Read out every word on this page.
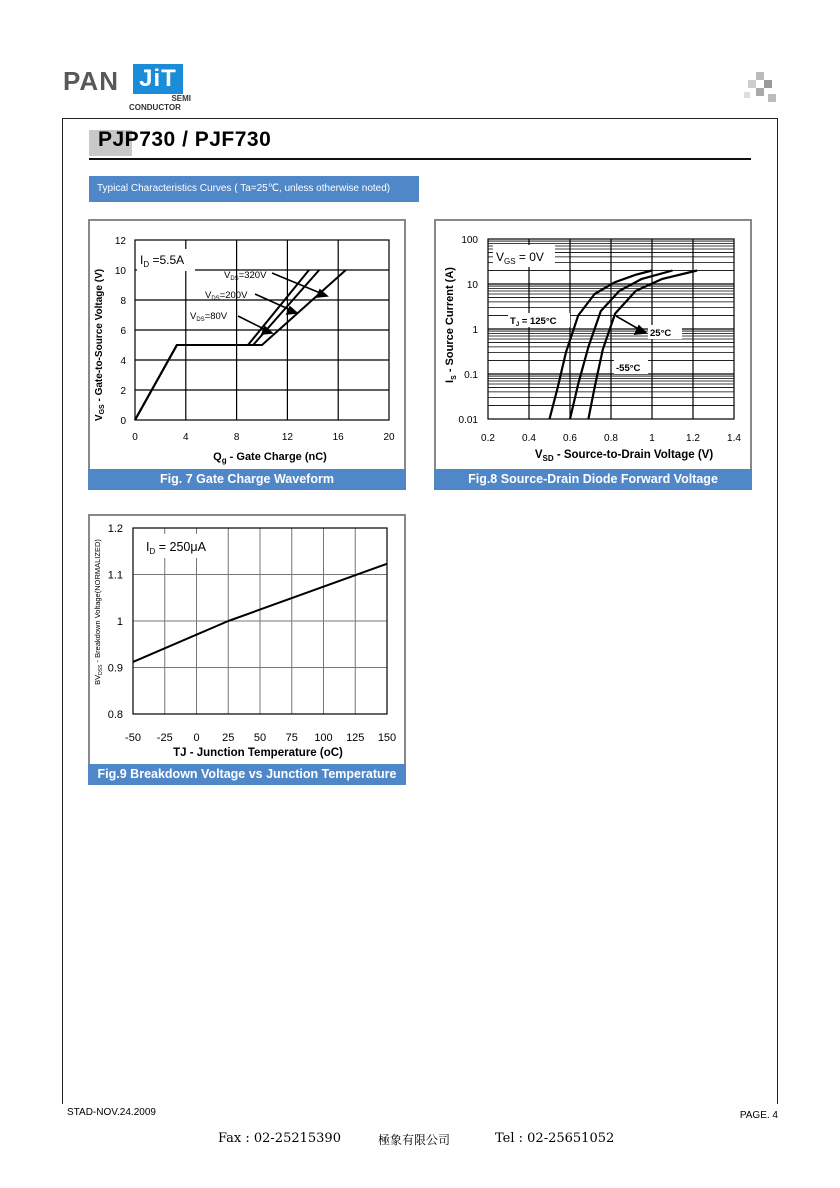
PAN JiT
SEMI
CONDUCTOR
PJP730 / PJF730
Typical Characteristics Curves ( Ta=25℃, unless otherwise noted)
0	4	8	12	16	20
0
2
4
6
8
10
12
$V_{GS}$ - Gate-to-Source Voltage (V)
$Q_g$ - Gate Charge (nC)
$I_D =5.5A$
$V_{DS}=320V$
$V_{DS}=200V$
$V_{DS}=80V$
Fig. 7 Gate Charge Waveform
0.2	0.4	0.6	0.8	1	1.2	1.4
0.01
0.1
1
10
100
$I_S$ - Source Current (A)
$V_{SD}$ - Source-to-Drain Voltage (V)
$V_{GS} = 0V$
$T_J = 125^\circ C$
25°C
-55°C
Fig.8 Source-Drain Diode Forward Voltage
-50 -25 0 25 50 75 100 125 150
0.8
0.9
1
1.1
1.2
$BV_{DSS}$ - Breakdown Voltage(NORMALIZED)
TJ - Junction Temperature (oC)
$I_D = 250\mu A$
Fig.9 Breakdown Voltage vs Junction Temperature
STAD-NOV.24.2009	PAGE. 4
Fax : 02-25215390	極象有限公司	Tel : 02-25651052
